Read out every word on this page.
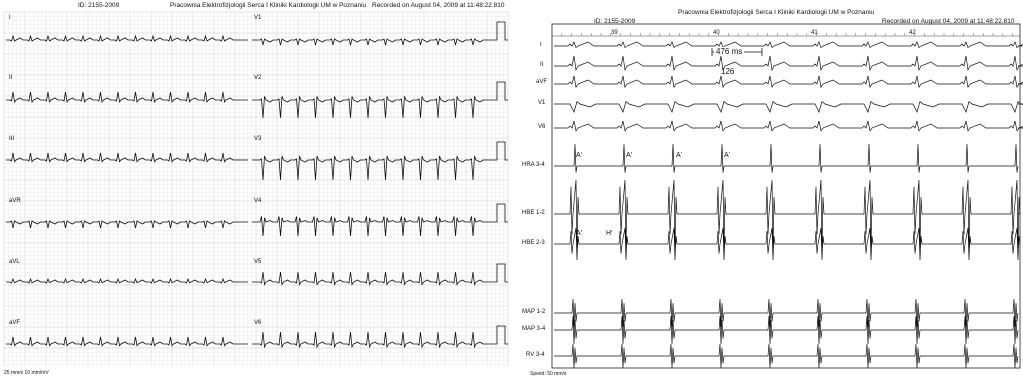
ID: 2155-2009	Pracownia Elektrofizjologii Serca I Kliniki Kardiologii UM w Poznaniu Recorded on August 04, 2009 at 11:48:22.810
I
II
III
aVR
aVL
aVF
V1
V2
V3
V4
V5
V6
25 mm/s 10 mm/mV
ID: 2155-2009
Pracownia Elektrofizjologii Serca I Kliniki Kardiologii UM w Poznaniu
Recorded on August 04, 2009 at 11:48:22.810
39	40	41	42
I
II
aVF
V1
V6
HRA 3-4
HBE 1-2
HBE 2-3
MAP 1-2
MAP 3-4
RV 3-4
476 ms
126
A'	A'	A'	A'
A'	H'
Speed: 50 mm/s
